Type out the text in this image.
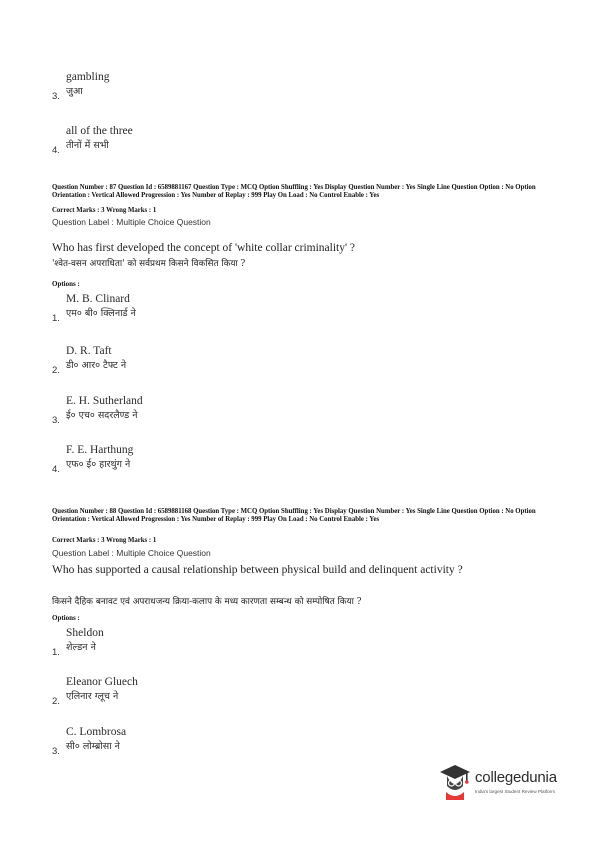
gambling
जुआ
3.
all of the three
तीनों में सभी
4.
Question Number : 87 Question Id : 6589881167 Question Type : MCQ Option Shuffling : Yes Display Question Number : Yes Single Line Question Option : No Option Orientation : Vertical Allowed Progression : Yes Number of Replay : 999 Play On Load : No Control Enable : Yes
Correct Marks : 3 Wrong Marks : 1
Question Label : Multiple Choice Question
Who has first developed the concept of 'white collar criminality' ?
'श्वेत-वसन अपराधिता' को सर्वप्रथम किसने विकसित किया ?
Options :
M. B. Clinard
एम० बी० क्लिनार्ड ने
1.
D. R. Taft
डी० आर० टैफ्ट ने
2.
E. H. Sutherland
ई० एच० सदरलैण्ड ने
3.
F. E. Harthung
एफ० ई० हारथुंग ने
4.
Question Number : 88 Question Id : 6589881168 Question Type : MCQ Option Shuffling : Yes Display Question Number : Yes Single Line Question Option : No Option Orientation : Vertical Allowed Progression : Yes Number of Replay : 999 Play On Load : No Control Enable : Yes
Correct Marks : 3 Wrong Marks : 1
Question Label : Multiple Choice Question
Who has supported a causal relationship between physical build and delinquent activity ?
किसने दैहिक बनावट एवं अपराधजन्य क्रिया-कलाप के मध्य कारणता सम्बन्ध को सम्पोषित किया ?
Options :
Sheldon
शेल्डन ने
1.
Eleanor Gluech
एलिनार ग्लूच ने
2.
C. Lombrosa
सी० लोम्ब्रोसा ने
3.
collegedunia
India's largest Student Review Platform
